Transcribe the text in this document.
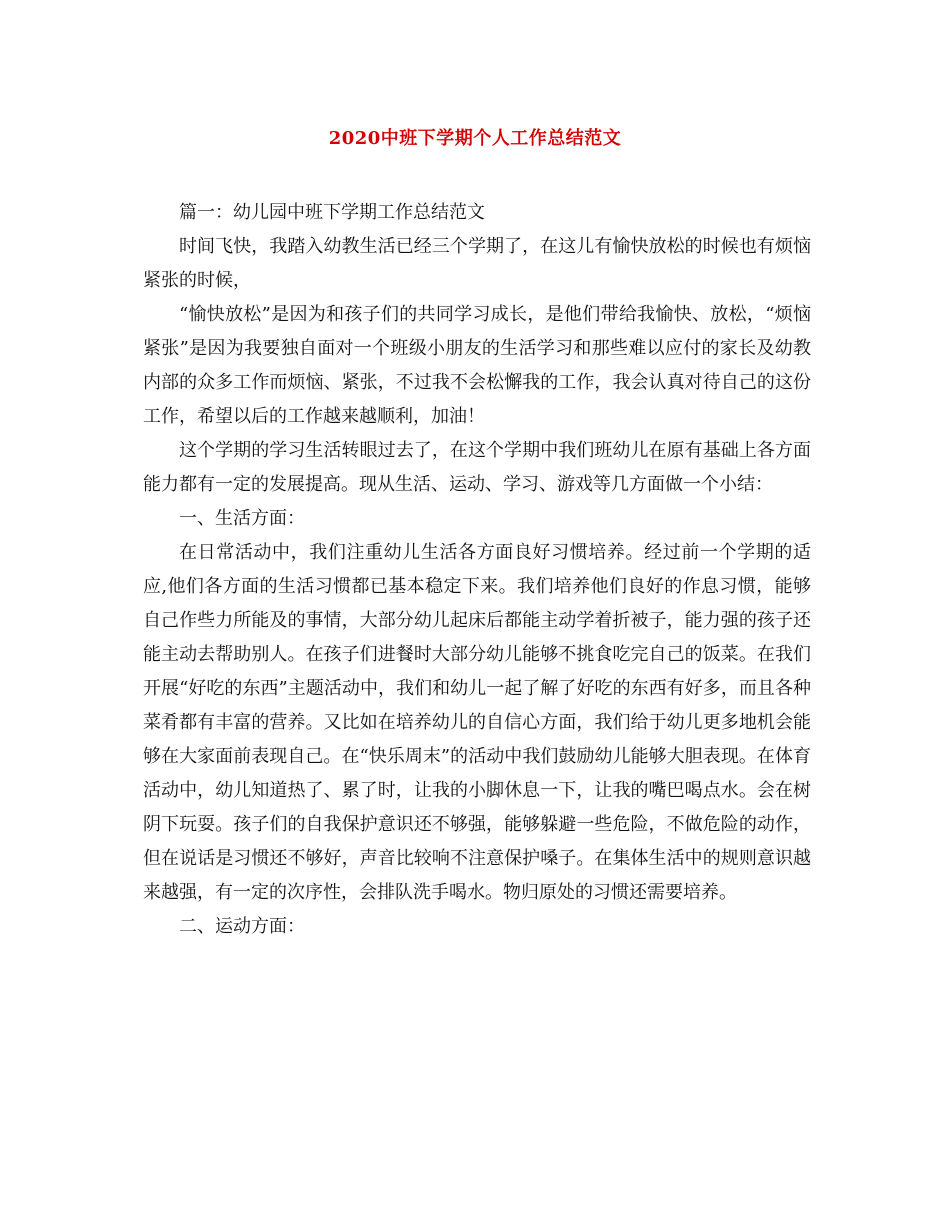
2020中班下学期个人工作总结范文

篇一：幼儿园中班下学期工作总结范文

时间飞快，我踏入幼教生活已经三个学期了，在这儿有愉快放松的时候也有烦恼紧张的时候，

“愉快放松”是因为和孩子们的共同学习成长，是他们带给我愉快、放松，“烦恼紧张”是因为我要独自面对一个班级小朋友的生活学习和那些难以应付的家长及幼教内部的众多工作而烦恼、紧张，不过我不会松懈我的工作，我会认真对待自己的这份工作，希望以后的工作越来越顺利，加油！

这个学期的学习生活转眼过去了，在这个学期中我们班幼儿在原有基础上各方面能力都有一定的发展提高。现从生活、运动、学习、游戏等几方面做一个小结：

一、生活方面：

在日常活动中，我们注重幼儿生活各方面良好习惯培养。经过前一个学期的适应,他们各方面的生活习惯都已基本稳定下来。我们培养他们良好的作息习惯，能够自己作些力所能及的事情，大部分幼儿起床后都能主动学着折被子，能力强的孩子还能主动去帮助别人。在孩子们进餐时大部分幼儿能够不挑食吃完自己的饭菜。在我们开展“好吃的东西”主题活动中，我们和幼儿一起了解了好吃的东西有好多，而且各种菜肴都有丰富的营养。又比如在培养幼儿的自信心方面，我们给于幼儿更多地机会能够在大家面前表现自己。在“快乐周末”的活动中我们鼓励幼儿能够大胆表现。在体育活动中，幼儿知道热了、累了时，让我的小脚休息一下，让我的嘴巴喝点水。会在树阴下玩耍。孩子们的自我保护意识还不够强，能够躲避一些危险，不做危险的动作，但在说话是习惯还不够好，声音比较响不注意保护嗓子。在集体生活中的规则意识越来越强，有一定的次序性，会排队洗手喝水。物归原处的习惯还需要培养。

二、运动方面：
